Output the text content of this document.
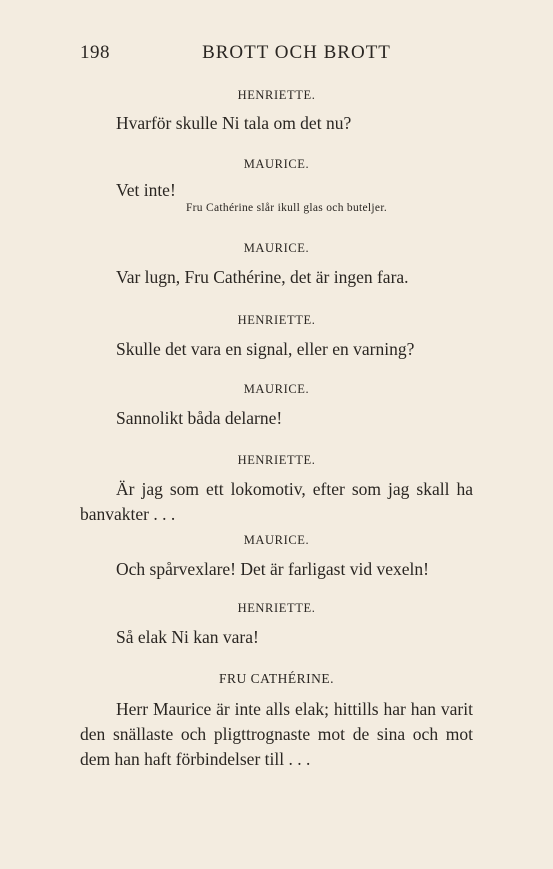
198	BROTT OCH BROTT
HENRIETTE.
Hvarför skulle Ni tala om det nu?
MAURICE.
Vet inte!
Fru Cathérine slår ikull glas och buteljer.
MAURICE.
Var lugn, Fru Cathérine, det är ingen fara.
HENRIETTE.
Skulle det vara en signal, eller en varning?
MAURICE.
Sannolikt båda delarne!
HENRIETTE.
Är jag som ett lokomotiv, efter som jag skall ha banvakter . . .
MAURICE.
Och spårvexlare! Det är farligast vid vexeln!
HENRIETTE.
Så elak Ni kan vara!
FRU CATHÉRINE.
Herr Maurice är inte alls elak; hittills har han varit den snällaste och pligttrognaste mot de sina och mot dem han haft förbindelser till . . .
